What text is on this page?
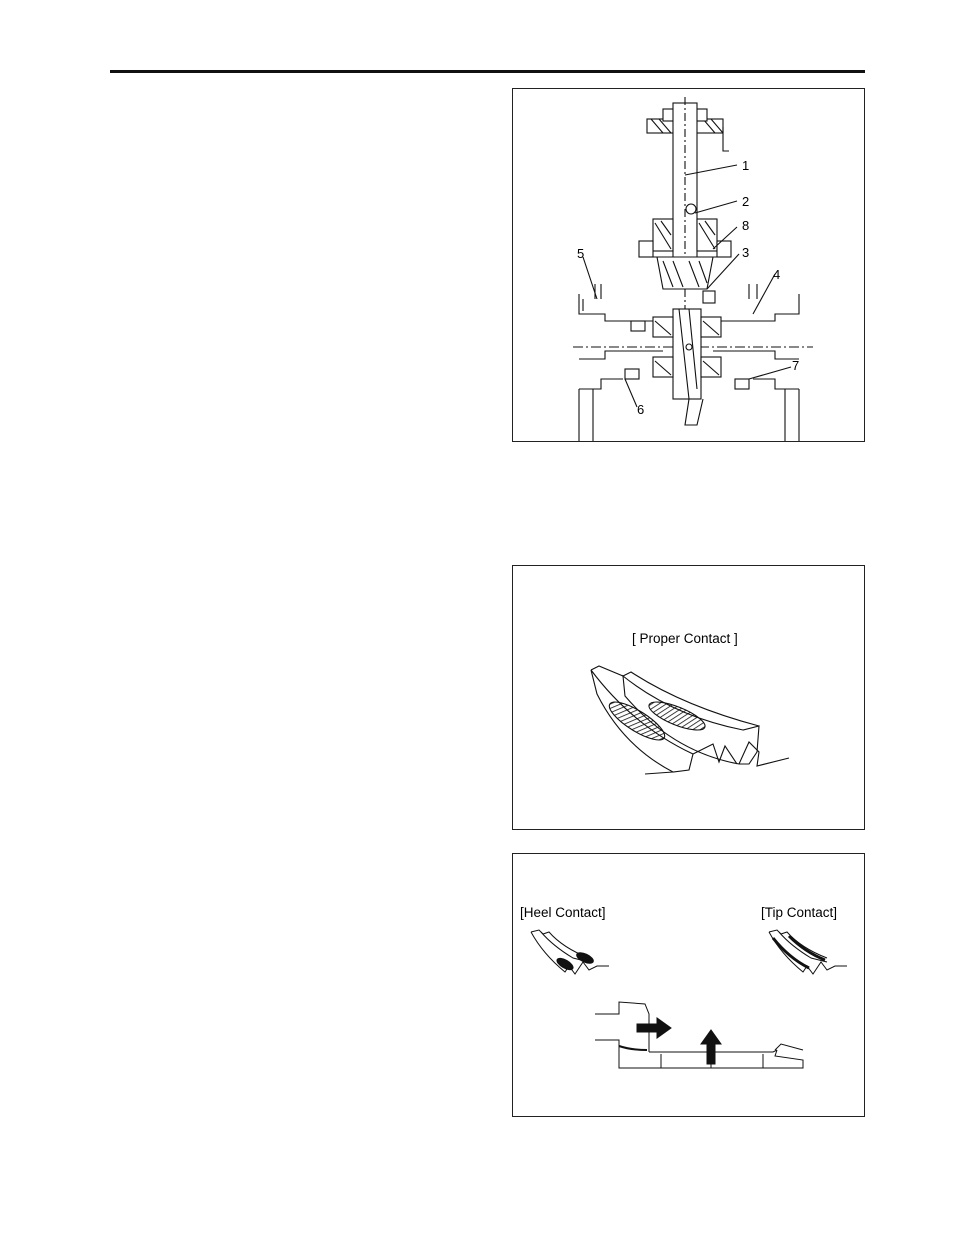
1
2
8
3
5
4
7
6
[ Proper Contact ]
[Heel Contact]	[Tip Contact]
